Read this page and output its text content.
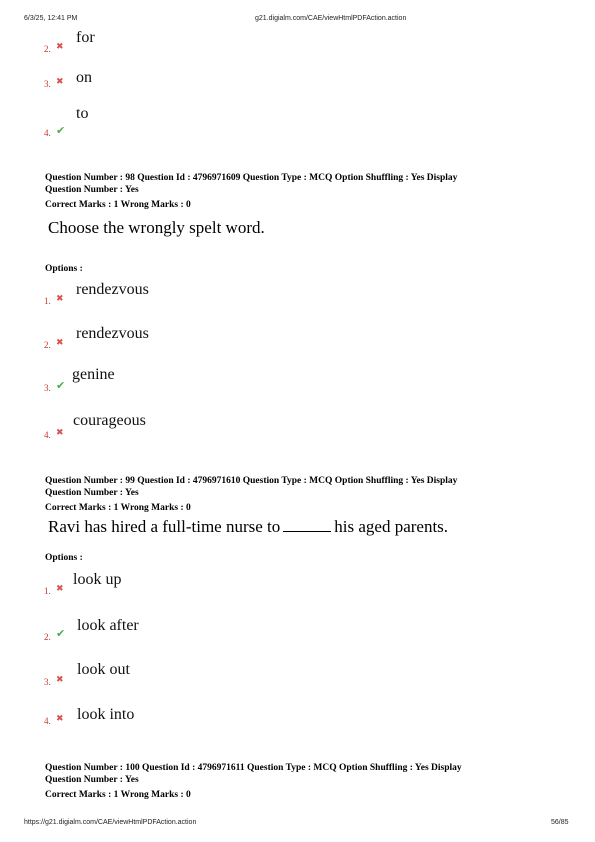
6/3/25, 12:41 PM	g21.digialm.com/CAE/viewHtmlPDFAction.action
2. ✖
for
3. ✖ on
4. ✔
to
Question Number : 98 Question Id : 4796971609 Question Type : MCQ Option Shuffling : Yes Display
Question Number : Yes
Correct Marks : 1 Wrong Marks : 0
Choose the wrongly spelt word.
Options :
1. ✖
rendezvous
2. ✖
rendezvous
3. ✔
genine
4. ✖
courageous
Question Number : 99 Question Id : 4796971610 Question Type : MCQ Option Shuffling : Yes Display
Question Number : Yes
Correct Marks : 1 Wrong Marks : 0
Ravi has hired a full-time nurse to	his aged parents.
Options :
1. ✖
look up
2. ✔ look after
3. ✖
look out
4. ✖ look into
Question Number : 100 Question Id : 4796971611 Question Type : MCQ Option Shuffling : Yes Display
Question Number : Yes
Correct Marks : 1 Wrong Marks : 0
https://g21.digialm.com/CAE/viewHtmlPDFAction.action	56/85
